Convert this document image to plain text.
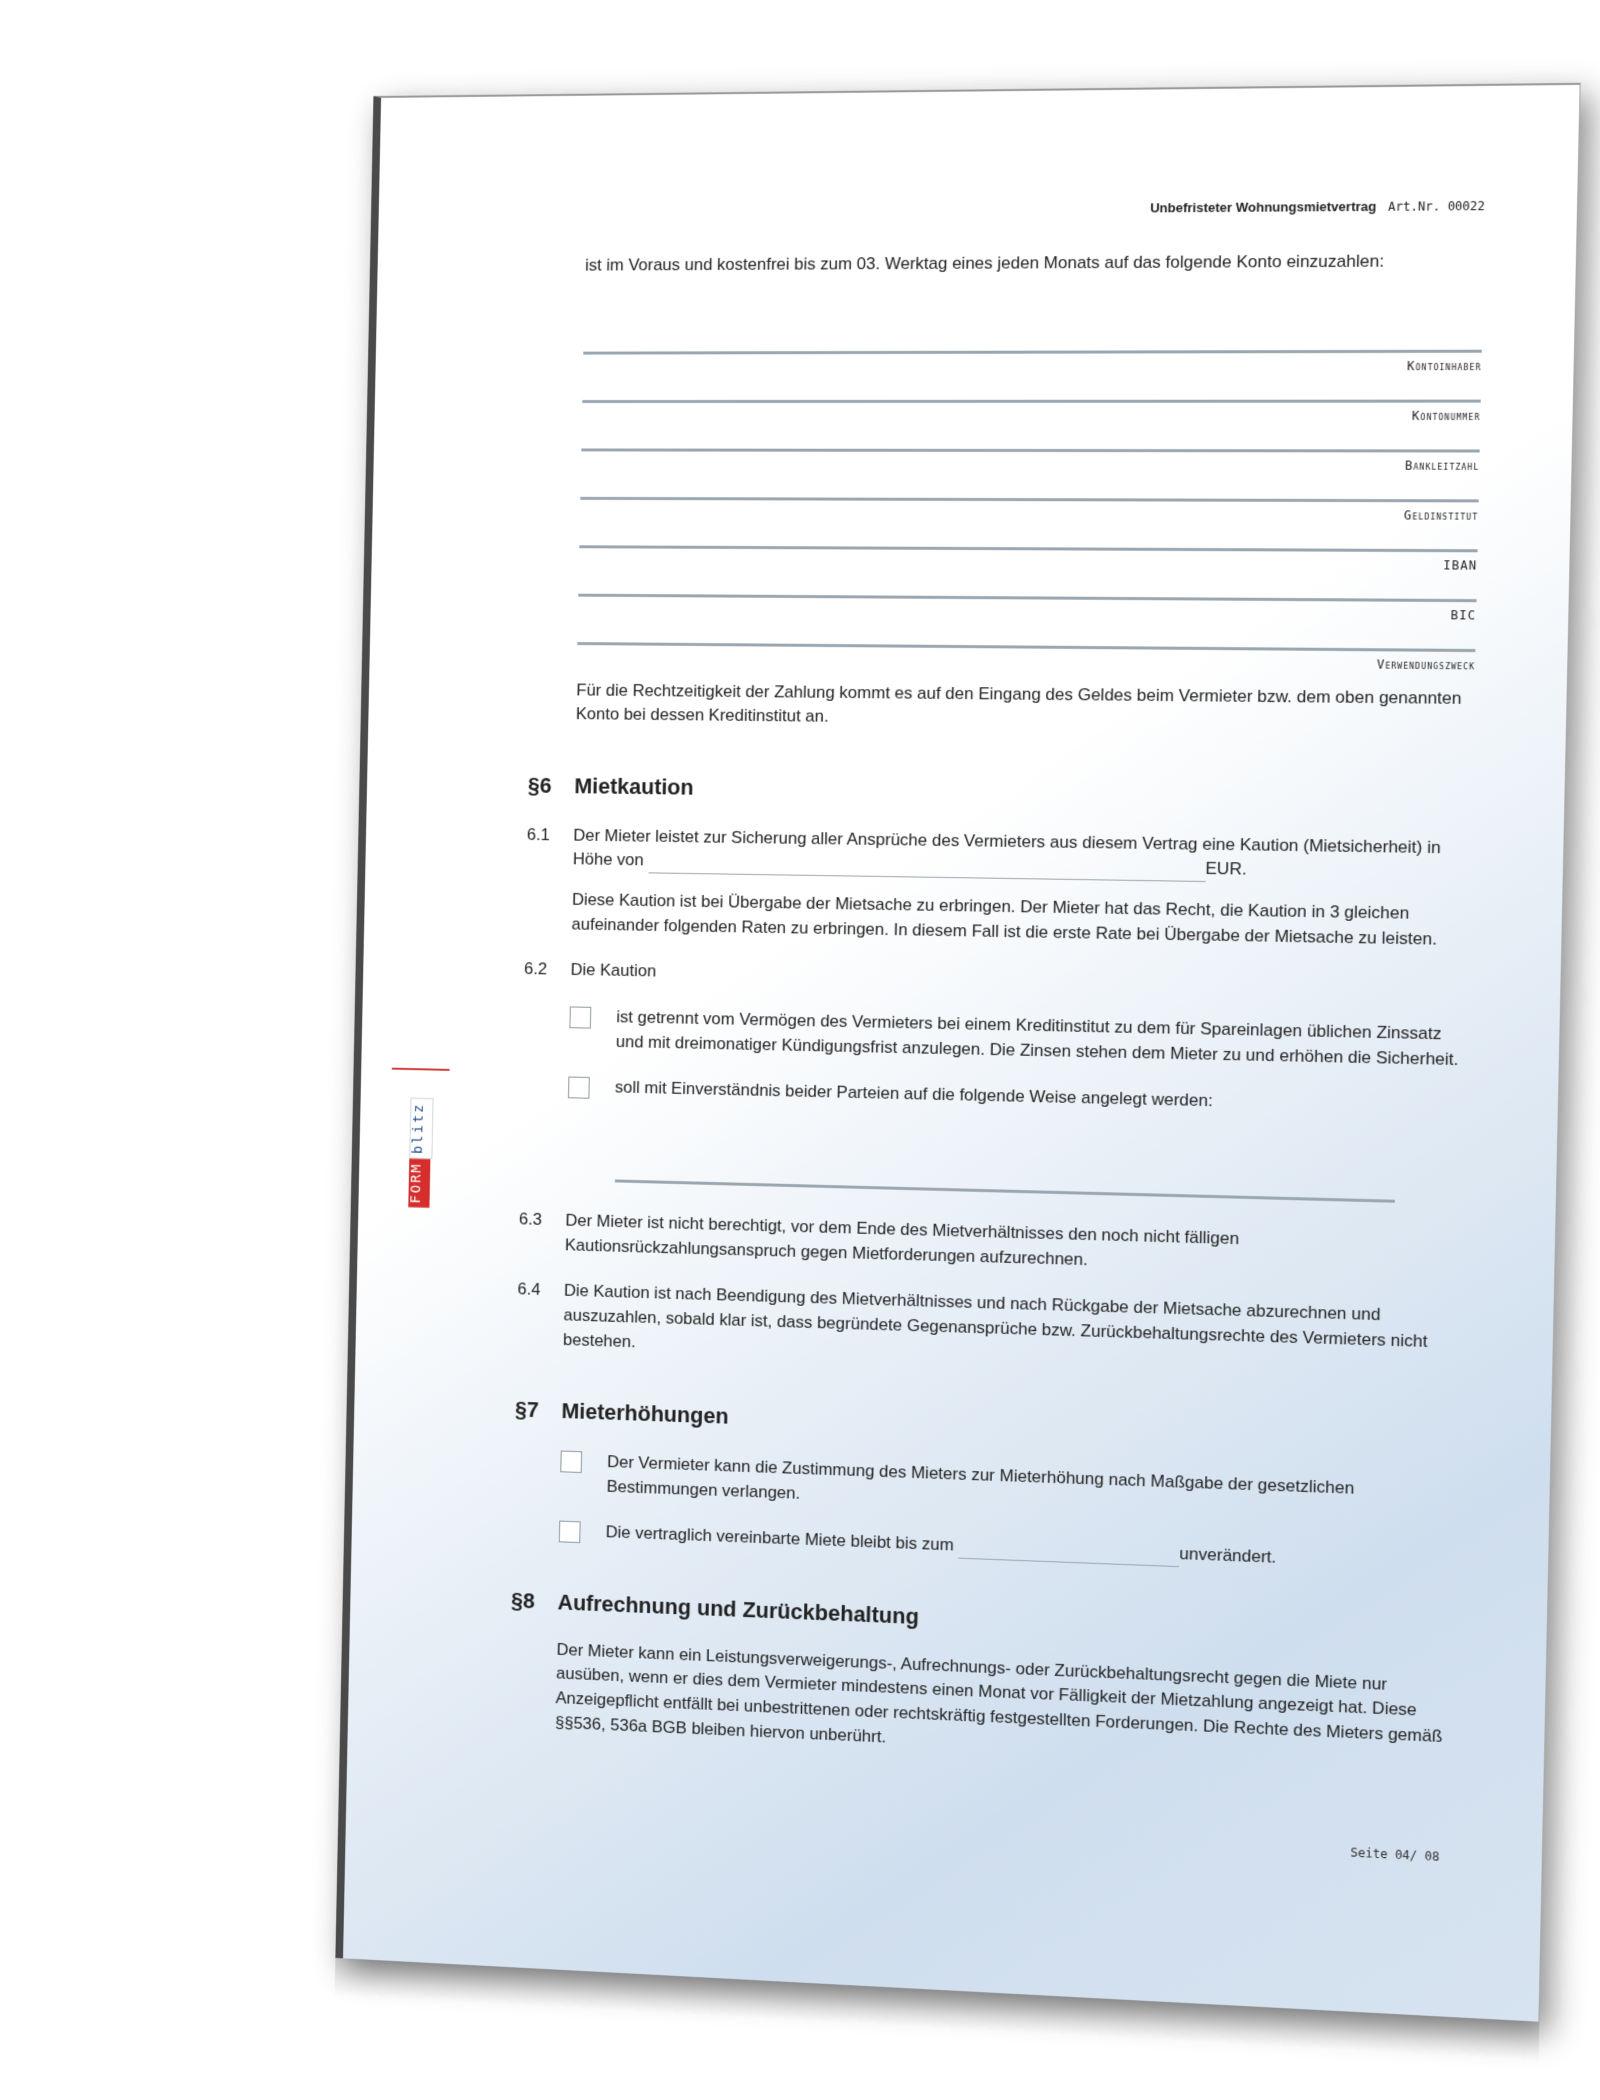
FORM
blitz
Unbefristeter Wohnungsmietvertrag Art.Nr. 00022

ist im Voraus und kostenfrei bis zum 03. Werktag eines jeden Monats auf das folgende Konto einzuzahlen:

Kontoinhaber
Kontonummer
Bankleitzahl
Geldinstitut
IBAN
BIC
Verwendungszweck

Für die Rechtzeitigkeit der Zahlung kommt es auf den Eingang des Geldes beim Vermieter bzw. dem oben genannten Konto bei dessen Kreditinstitut an.

§6	Mietkaution
6.1	Der Mieter leistet zur Sicherung aller Ansprüche des Vermieters aus diesem Vertrag eine Kaution (Mietsicherheit) in Höhe von	EUR.

Diese Kaution ist bei Übergabe der Mietsache zu erbringen. Der Mieter hat das Recht, die Kaution in 3 gleichen aufeinander folgenden Raten zu erbringen. In diesem Fall ist die erste Rate bei Übergabe der Mietsache zu leisten.

6.2	Die Kaution
ist getrennt vom Vermögen des Vermieters bei einem Kreditinstitut zu dem für Spareinlagen üblichen Zinssatz und mit dreimonatiger Kündigungsfrist anzulegen. Die Zinsen stehen dem Mieter zu und erhöhen die Sicherheit.
soll mit Einverständnis beider Parteien auf die folgende Weise angelegt werden:
6.3	Der Mieter ist nicht berechtigt, vor dem Ende des Mietverhältnisses den noch nicht fälligen Kautionsrückzahlungsanspruch gegen Mietforderungen aufzurechnen.
6.4	Die Kaution ist nach Beendigung des Mietverhältnisses und nach Rückgabe der Mietsache abzurechnen und auszuzahlen, sobald klar ist, dass begründete Gegenansprüche bzw. Zurückbehaltungsrechte des Vermieters nicht bestehen.
§7	Mieterhöhungen
Der Vermieter kann die Zustimmung des Mieters zur Mieterhöhung nach Maßgabe der gesetzlichen Bestimmungen verlangen.
Die vertraglich vereinbarte Miete bleibt bis zum unverändert.
§8	Aufrechnung und Zurückbehaltung

Der Mieter kann ein Leistungsverweigerungs-, Aufrechnungs- oder Zurückbehaltungsrecht gegen die Miete nur ausüben, wenn er dies dem Vermieter mindestens einen Monat vor Fälligkeit der Mietzahlung angezeigt hat. Diese Anzeigepflicht entfällt bei unbestrittenen oder rechtskräftig festgestellten Forderungen. Die Rechte des Mieters gemäß §§536, 536a BGB bleiben hiervon unberührt.

Seite 04/ 08
